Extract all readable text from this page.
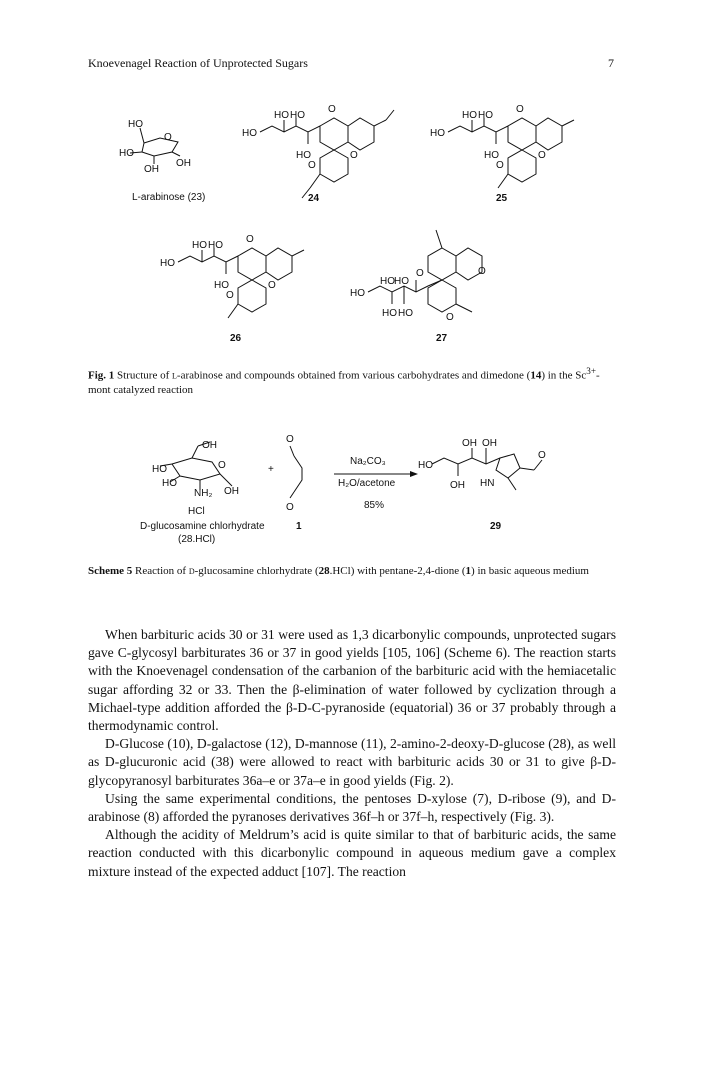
Knoevenagel Reaction of Unprotected Sugars	7
HO
HO
O
OH
OH
L-arabinose (23)
HO
HO HO
HO
O
O
O
24
HO
HO HO
HO
O
O
O
25
HO
HO HO
HO
O
O
O
26
HO
HO HO
HO HO
O	O
O
27
Fig. 1 Structure of l-arabinose and compounds obtained from various carbohydrates and dimedone (14) in the $Sc^{3+}$-mont catalyzed reaction
OH
HO
HO
O
OH
NH₂
HCl
D-glucosamine chlorhydrate
(28.HCl)
+
O
O
1
Na₂CO₃
H₂O/acetone
85%
HO
OH OH
OH HN
O
29
Scheme 5 Reaction of d-glucosamine chlorhydrate (28.HCl) with pentane-2,4-dione (1) in basic aqueous medium

When barbituric acids 30 or 31 were used as 1,3 dicarbonylic compounds, unprotected sugars gave C-glycosyl barbiturates 36 or 37 in good yields [105, 106] (Scheme 6). The reaction starts with the Knoevenagel condensation of the carbanion of the barbituric acid with the hemiacetalic sugar affording 32 or 33. Then the β-elimination of water followed by cyclization through a Michael-type addition afforded the β-D-C-pyranoside (equatorial) 36 or 37 probably through a thermodynamic control.

D-Glucose (10), D-galactose (12), D-mannose (11), 2-amino-2-deoxy-D-glucose (28), as well as D-glucuronic acid (38) were allowed to react with barbituric acids 30 or 31 to give β-D-glycopyranosyl barbiturates 36a–e or 37a–e in good yields (Fig. 2).

Using the same experimental conditions, the pentoses D-xylose (7), D-ribose (9), and D-arabinose (8) afforded the pyranoses derivatives 36f–h or 37f–h, respectively (Fig. 3).

Although the acidity of Meldrum’s acid is quite similar to that of barbituric acids, the same reaction conducted with this dicarbonylic compound in aqueous medium gave a complex mixture instead of the expected adduct [107]. The reaction
